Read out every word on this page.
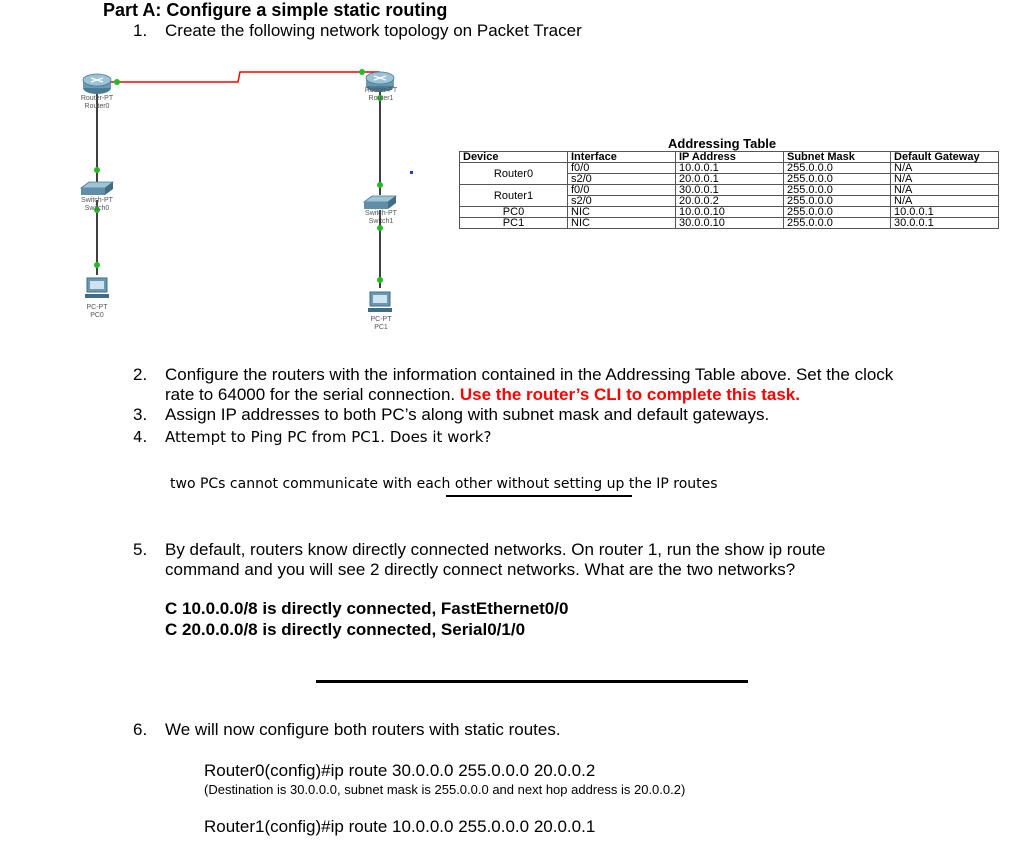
Part A: Configure a simple static routing
1. Create the following network topology on Packet Tracer
Router-PT
Router0
Router-PT
Router1
Switch-PT
Switch0
Switch-PT
Switch1
PC-PT
PC0
PC-PT
PC1
Addressing Table
Device	Interface	IP Address	Subnet Mask	Default Gateway
Router0	f0/0	10.0.0.1	255.0.0.0	N/A
	s2/0	20.0.0.1	255.0.0.0	N/A
Router1	f0/0	30.0.0.1	255.0.0.0	N/A
	s2/0	20.0.0.2	255.0.0.0	N/A
PC0	NIC	10.0.0.10	255.0.0.0	10.0.0.1
PC1	NIC	30.0.0.10	255.0.0.0	30.0.0.1
2. Configure the routers with the information contained in the Addressing Table above. Set the clock
rate to 64000 for the serial connection. Use the router’s CLI to complete this task.
3. Assign IP addresses to both PC’s along with subnet mask and default gateways.
4. Attempt to Ping PC from PC1. Does it work?
two PCs cannot communicate with each other without setting up the IP routes
5. By default, routers know directly connected networks. On router 1, run the show ip route
command and you will see 2 directly connect networks. What are the two networks?
C 10.0.0.0/8 is directly connected, FastEthernet0/0
C 20.0.0.0/8 is directly connected, Serial0/1/0
6. We will now configure both routers with static routes.
Router0(config)#ip route 30.0.0.0 255.0.0.0 20.0.0.2
(Destination is 30.0.0.0, subnet mask is 255.0.0.0 and next hop address is 20.0.0.2)
Router1(config)#ip route 10.0.0.0 255.0.0.0 20.0.0.1
